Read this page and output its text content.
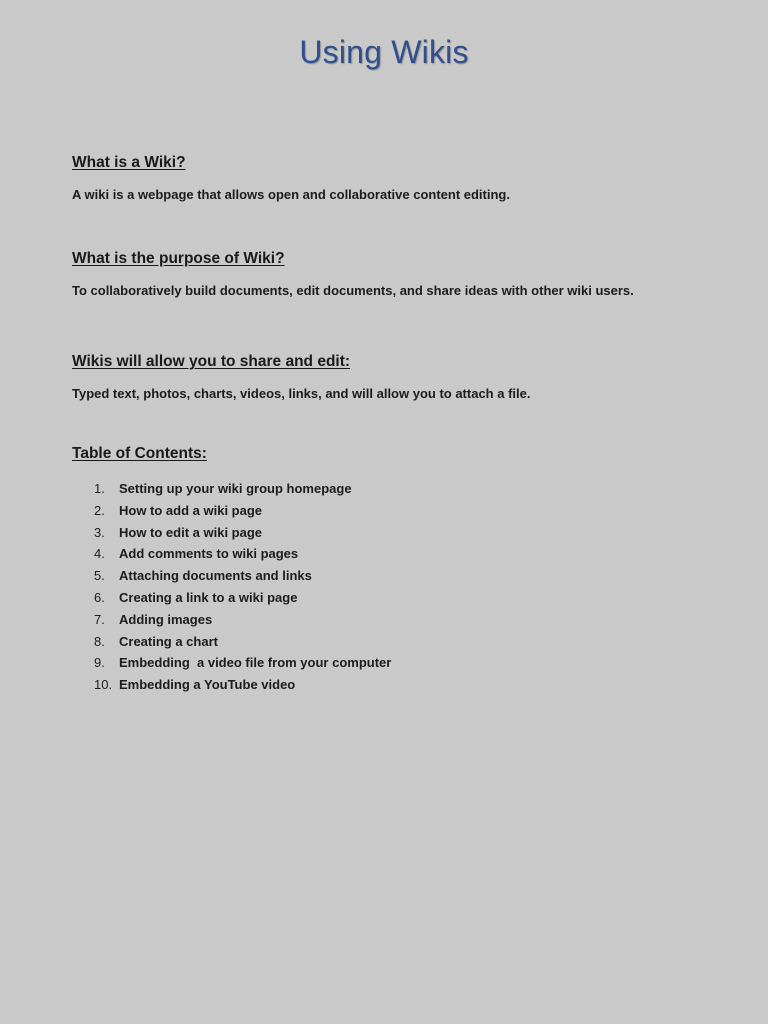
Using Wikis
What is a Wiki?
A wiki is a webpage that allows open and collaborative content editing.
What is the purpose of Wiki?
To collaboratively build documents, edit documents, and share ideas with other wiki users.
Wikis will allow you to share and edit:
Typed text, photos, charts, videos, links, and will allow you to attach a file.
Table of Contents:
1.	Setting up your wiki group homepage
2.	How to add a wiki page
3.	How to edit a wiki page
4.	Add comments to wiki pages
5.	Attaching documents and links
6.	Creating a link to a wiki page
7.	Adding images
8.	Creating a chart
9.	Embedding  a video file from your computer
10. Embedding a YouTube video
